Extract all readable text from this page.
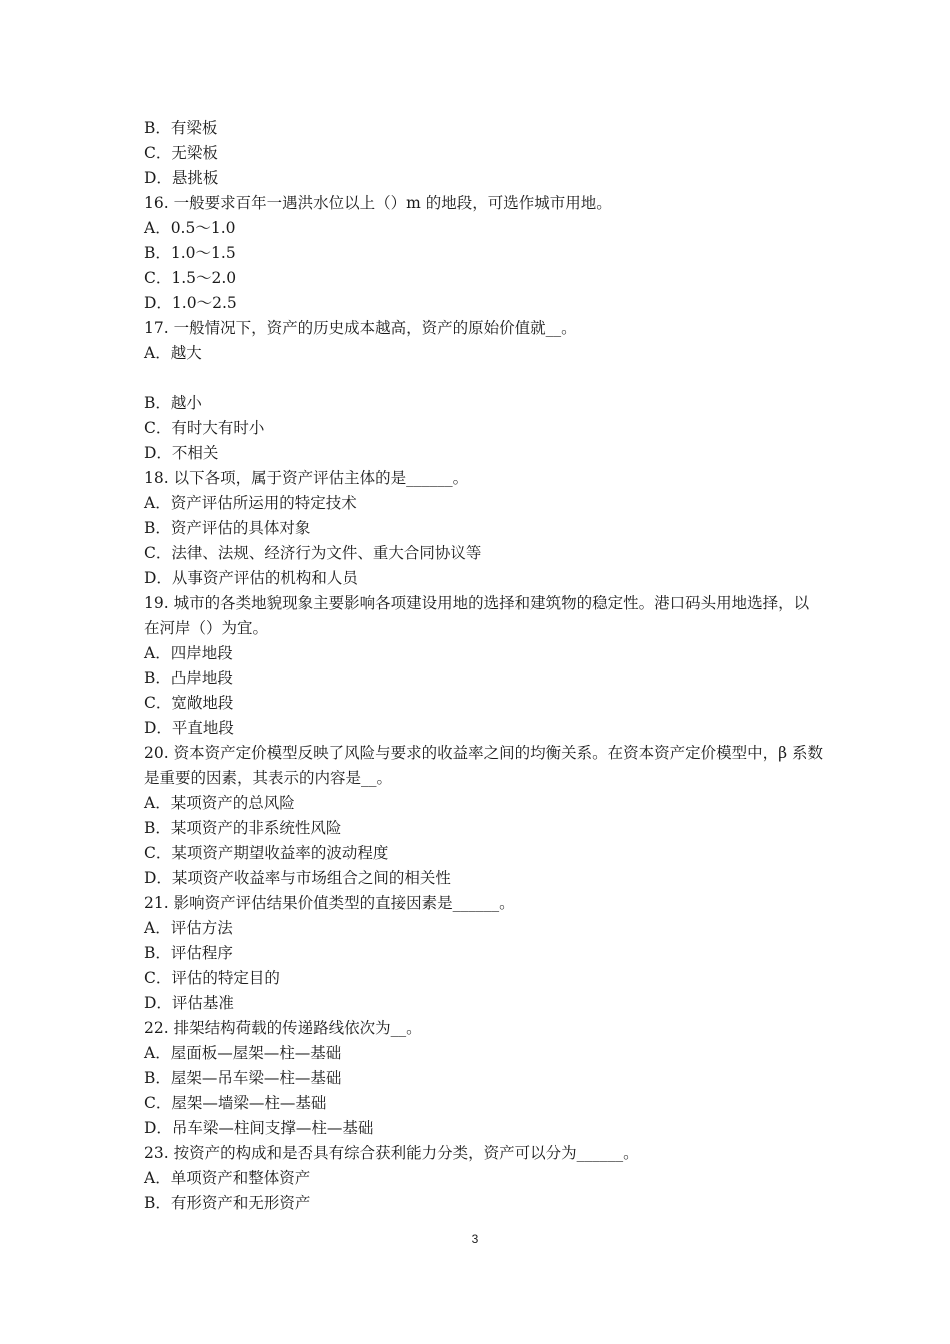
B．有梁板
C．无梁板
D．悬挑板
16. 一般要求百年一遇洪水位以上（）m 的地段，可选作城市用地。
A．0.5～1.0
B．1.0～1.5
C．1.5～2.0
D．1.0～2.5
17. 一般情况下，资产的历史成本越高，资产的原始价值就__。
A．越大
B．越小
C．有时大有时小
D．不相关
18. 以下各项，属于资产评估主体的是______。
A．资产评估所运用的特定技术
B．资产评估的具体对象
C．法律、法规、经济行为文件、重大合同协议等
D．从事资产评估的机构和人员
19. 城市的各类地貌现象主要影响各项建设用地的选择和建筑物的稳定性。港口码头用地选择，以在河岸（）为宜。
A．四岸地段
B．凸岸地段
C．宽敞地段
D．平直地段
20. 资本资产定价模型反映了风险与要求的收益率之间的均衡关系。在资本资产定价模型中，β 系数是重要的因素，其表示的内容是__。
A．某项资产的总风险
B．某项资产的非系统性风险
C．某项资产期望收益率的波动程度
D．某项资产收益率与市场组合之间的相关性
21. 影响资产评估结果价值类型的直接因素是______。
A．评估方法
B．评估程序
C．评估的特定目的
D．评估基准
22. 排架结构荷载的传递路线依次为__。
A．屋面板—屋架—柱—基础
B．屋架—吊车梁—柱—基础
C．屋架—墙梁—柱—基础
D．吊车梁—柱间支撑—柱—基础
23. 按资产的构成和是否具有综合获利能力分类，资产可以分为______。
A．单项资产和整体资产
B．有形资产和无形资产
3
